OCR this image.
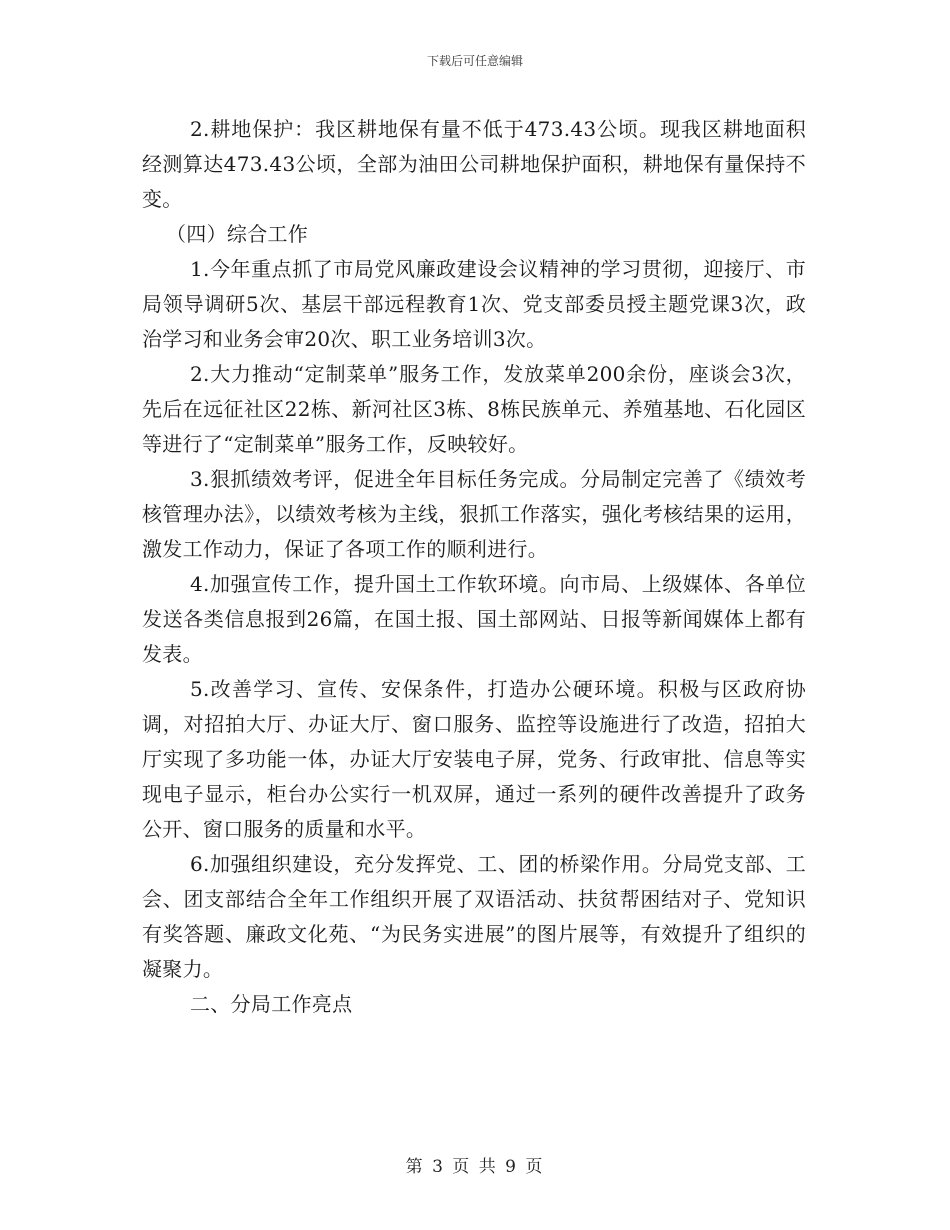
下载后可任意编辑

2.耕地保护：我区耕地保有量不低于473.43公顷。现我区耕地面积经测算达473.43公顷，全部为油田公司耕地保护面积，耕地保有量保持不变。

（四）综合工作

1.今年重点抓了市局党风廉政建设会议精神的学习贯彻，迎接厅、市局领导调研5次、基层干部远程教育1次、党支部委员授主题党课3次，政治学习和业务会审20次、职工业务培训3次。

2.大力推动“定制菜单”服务工作，发放菜单200余份，座谈会3次，先后在远征社区22栋、新河社区3栋、8栋民族单元、养殖基地、石化园区等进行了“定制菜单”服务工作，反映较好。

3.狠抓绩效考评，促进全年目标任务完成。分局制定完善了《绩效考核管理办法》，以绩效考核为主线，狠抓工作落实，强化考核结果的运用，激发工作动力，保证了各项工作的顺利进行。

4.加强宣传工作，提升国土工作软环境。向市局、上级媒体、各单位发送各类信息报到26篇，在国土报、国土部网站、日报等新闻媒体上都有发表。

5.改善学习、宣传、安保条件，打造办公硬环境。积极与区政府协调，对招拍大厅、办证大厅、窗口服务、监控等设施进行了改造，招拍大厅实现了多功能一体，办证大厅安装电子屏，党务、行政审批、信息等实现电子显示，柜台办公实行一机双屏，通过一系列的硬件改善提升了政务公开、窗口服务的质量和水平。

6.加强组织建设，充分发挥党、工、团的桥梁作用。分局党支部、工会、团支部结合全年工作组织开展了双语活动、扶贫帮困结对子、党知识有奖答题、廉政文化苑、“为民务实进展”的图片展等，有效提升了组织的凝聚力。

二、分局工作亮点

第 3 页 共 9 页
